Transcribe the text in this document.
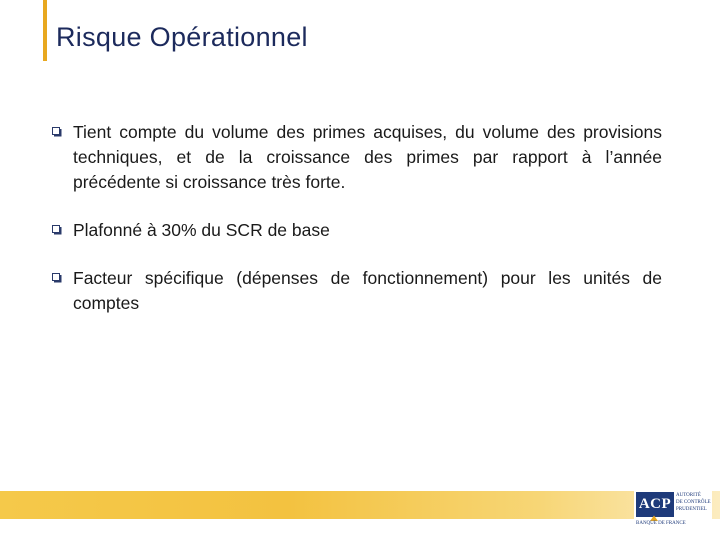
Risque Opérationnel
Tient compte du volume des primes acquises, du volume des provisions techniques, et de la croissance des primes par rapport à l’année précédente si croissance très forte.
Plafonné à 30% du SCR de base
Facteur spécifique (dépenses de fonctionnement) pour les unités de comptes
ACP
AUTORITÉ
DE CONTRÔLE
PRUDENTIEL
BANQUE DE FRANCE
